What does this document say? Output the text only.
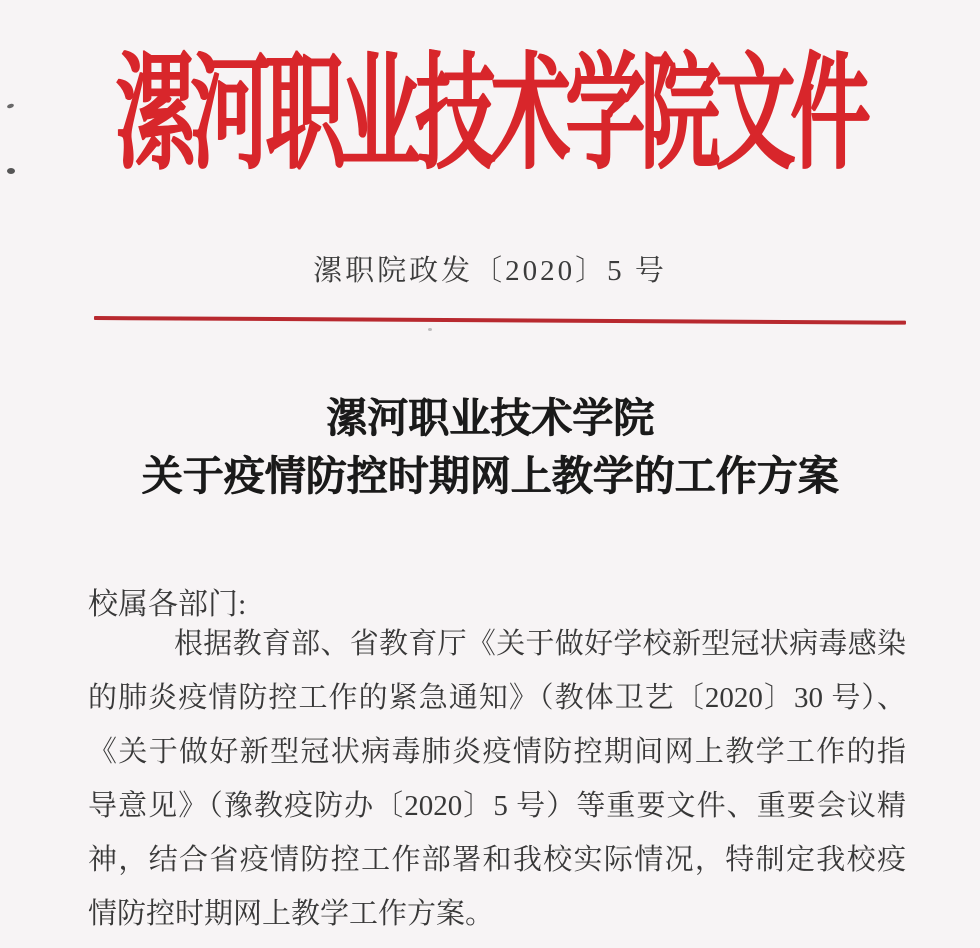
漯河职业技术学院文件
漯职院政发〔2020〕5 号
漯河职业技术学院
关于疫情防控时期网上教学的工作方案
校属各部门:
根据教育部、省教育厅《关于做好学校新型冠状病毒感染
的肺炎疫情防控工作的紧急通知》（教体卫艺〔2020〕30 号）、
《关于做好新型冠状病毒肺炎疫情防控期间网上教学工作的指
导意见》（豫教疫防办〔2020〕5 号）等重要文件、重要会议精
神，结合省疫情防控工作部署和我校实际情况，特制定我校疫
情防控时期网上教学工作方案。
